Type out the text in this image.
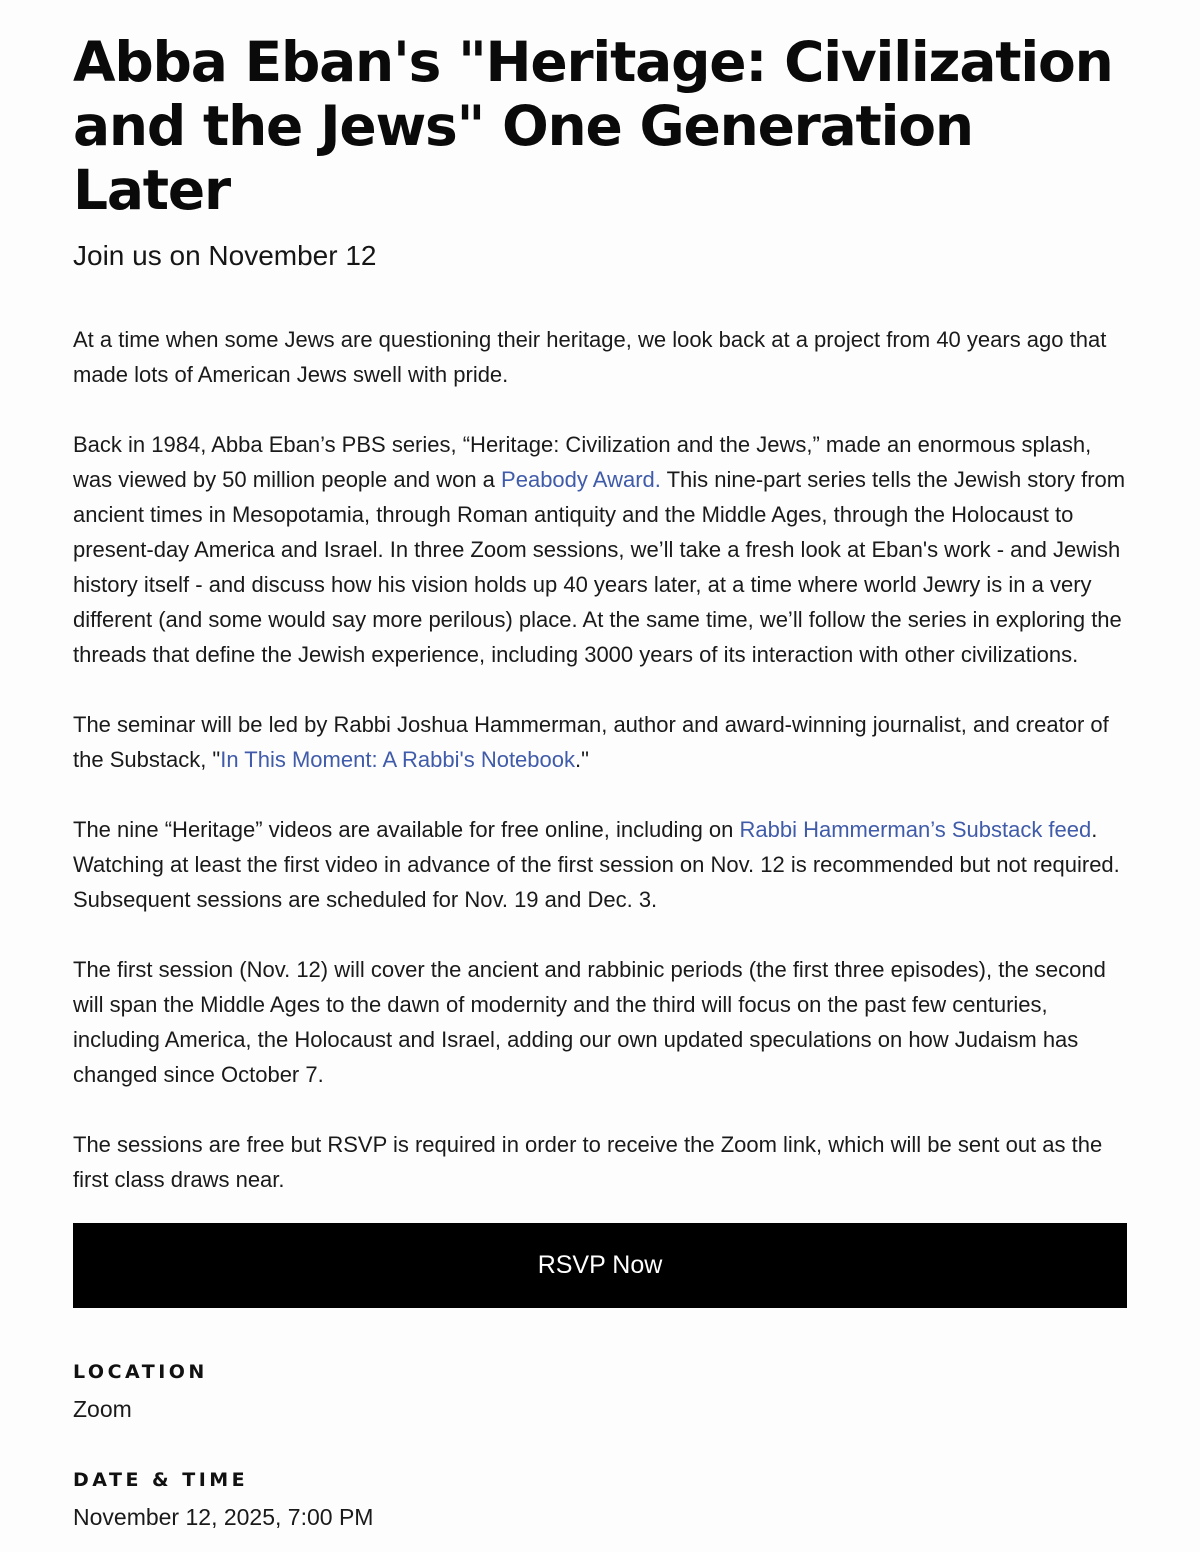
Abba Eban's "Heritage: Civilization and the Jews" One Generation Later
Join us on November 12

At a time when some Jews are questioning their heritage, we look back at a project from 40 years ago that made lots of American Jews swell with pride.

Back in 1984, Abba Eban’s PBS series, “Heritage: Civilization and the Jews,” made an enormous splash, was viewed by 50 million people and won a Peabody Award. This nine-part series tells the Jewish story from ancient times in Mesopotamia, through Roman antiquity and the Middle Ages, through the Holocaust to present-day America and Israel. In three Zoom sessions, we’ll take a fresh look at Eban's work - and Jewish history itself - and discuss how his vision holds up 40 years later, at a time where world Jewry is in a very different (and some would say more perilous) place. At the same time, we’ll follow the series in exploring the threads that define the Jewish experience, including 3000 years of its interaction with other civilizations.

The seminar will be led by Rabbi Joshua Hammerman, author and award-winning journalist, and creator of the Substack, "In This Moment: A Rabbi's Notebook."

The nine “Heritage” videos are available for free online, including on Rabbi Hammerman’s Substack feed. Watching at least the first video in advance of the first session on Nov. 12 is recommended but not required. Subsequent sessions are scheduled for Nov. 19 and Dec. 3.

The first session (Nov. 12) will cover the ancient and rabbinic periods (the first three episodes), the second will span the Middle Ages to the dawn of modernity and the third will focus on the past few centuries, including America, the Holocaust and Israel, adding our own updated speculations on how Judaism has changed since October 7.

The sessions are free but RSVP is required in order to receive the Zoom link, which will be sent out as the first class draws near.

RSVP Now
LOCATION
Zoom
DATE & TIME
November 12, 2025, 7:00 PM
